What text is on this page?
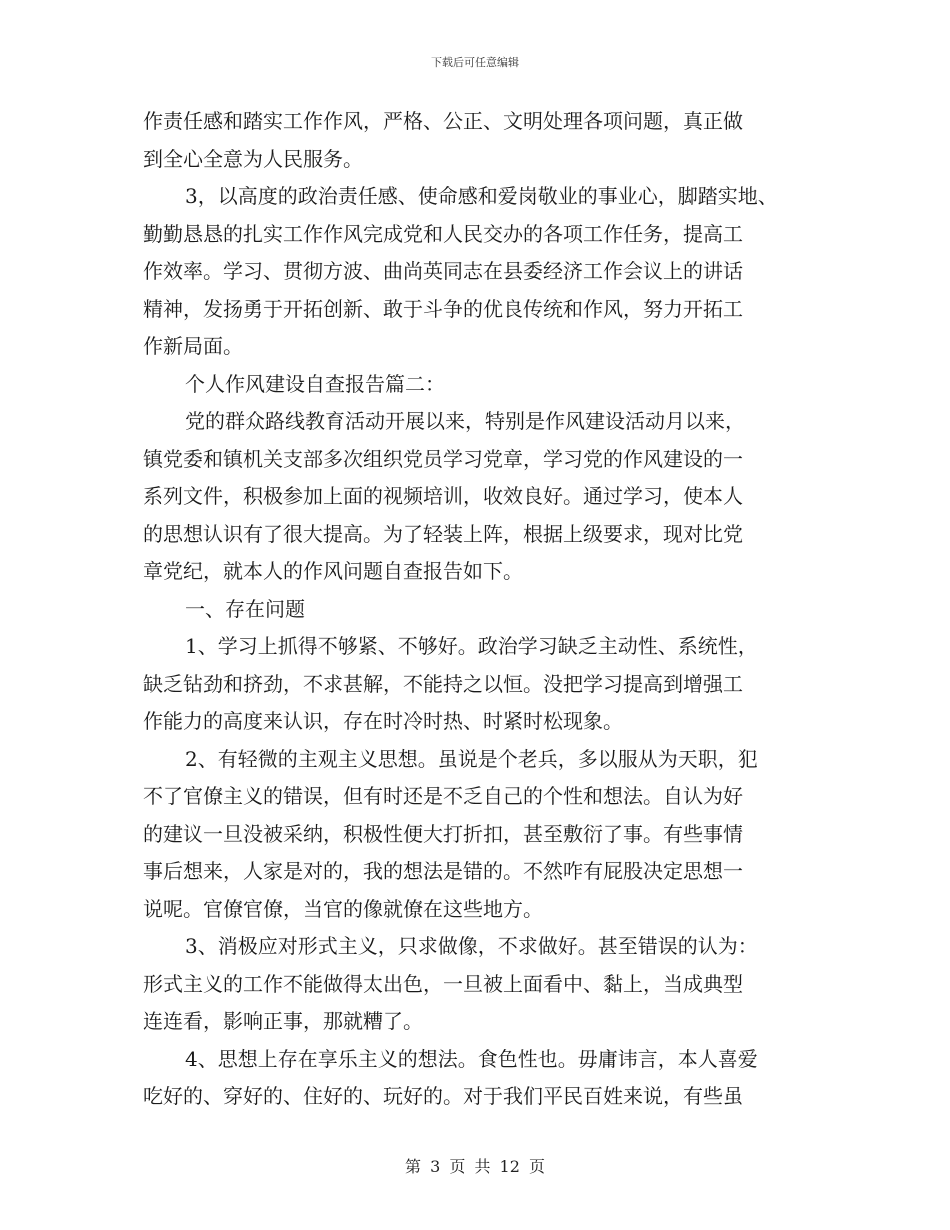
下载后可任意编辑
作责任感和踏实工作作风，严格、公正、文明处理各项问题，真正做
到全心全意为人民服务。
3，以高度的政治责任感、使命感和爱岗敬业的事业心，脚踏实地、
勤勤恳恳的扎实工作作风完成党和人民交办的各项工作任务，提高工
作效率。学习、贯彻方波、曲尚英同志在县委经济工作会议上的讲话
精神，发扬勇于开拓创新、敢于斗争的优良传统和作风，努力开拓工
作新局面。
个人作风建设自查报告篇二：
党的群众路线教育活动开展以来，特别是作风建设活动月以来，
镇党委和镇机关支部多次组织党员学习党章，学习党的作风建设的一
系列文件，积极参加上面的视频培训，收效良好。通过学习，使本人
的思想认识有了很大提高。为了轻装上阵，根据上级要求，现对比党
章党纪，就本人的作风问题自查报告如下。
一、存在问题
1、学习上抓得不够紧、不够好。政治学习缺乏主动性、系统性，
缺乏钻劲和挤劲，不求甚解，不能持之以恒。没把学习提高到增强工
作能力的高度来认识，存在时冷时热、时紧时松现象。
2、有轻微的主观主义思想。虽说是个老兵，多以服从为天职，犯
不了官僚主义的错误，但有时还是不乏自己的个性和想法。自认为好
的建议一旦没被采纳，积极性便大打折扣，甚至敷衍了事。有些事情
事后想来，人家是对的，我的想法是错的。不然咋有屁股决定思想一
说呢。官僚官僚，当官的像就僚在这些地方。
3、消极应对形式主义，只求做像，不求做好。甚至错误的认为：
形式主义的工作不能做得太出色，一旦被上面看中、黏上，当成典型
连连看，影响正事，那就糟了。
4、思想上存在享乐主义的想法。食色性也。毋庸讳言，本人喜爱
吃好的、穿好的、住好的、玩好的。对于我们平民百姓来说，有些虽
第 3 页 共 12 页
